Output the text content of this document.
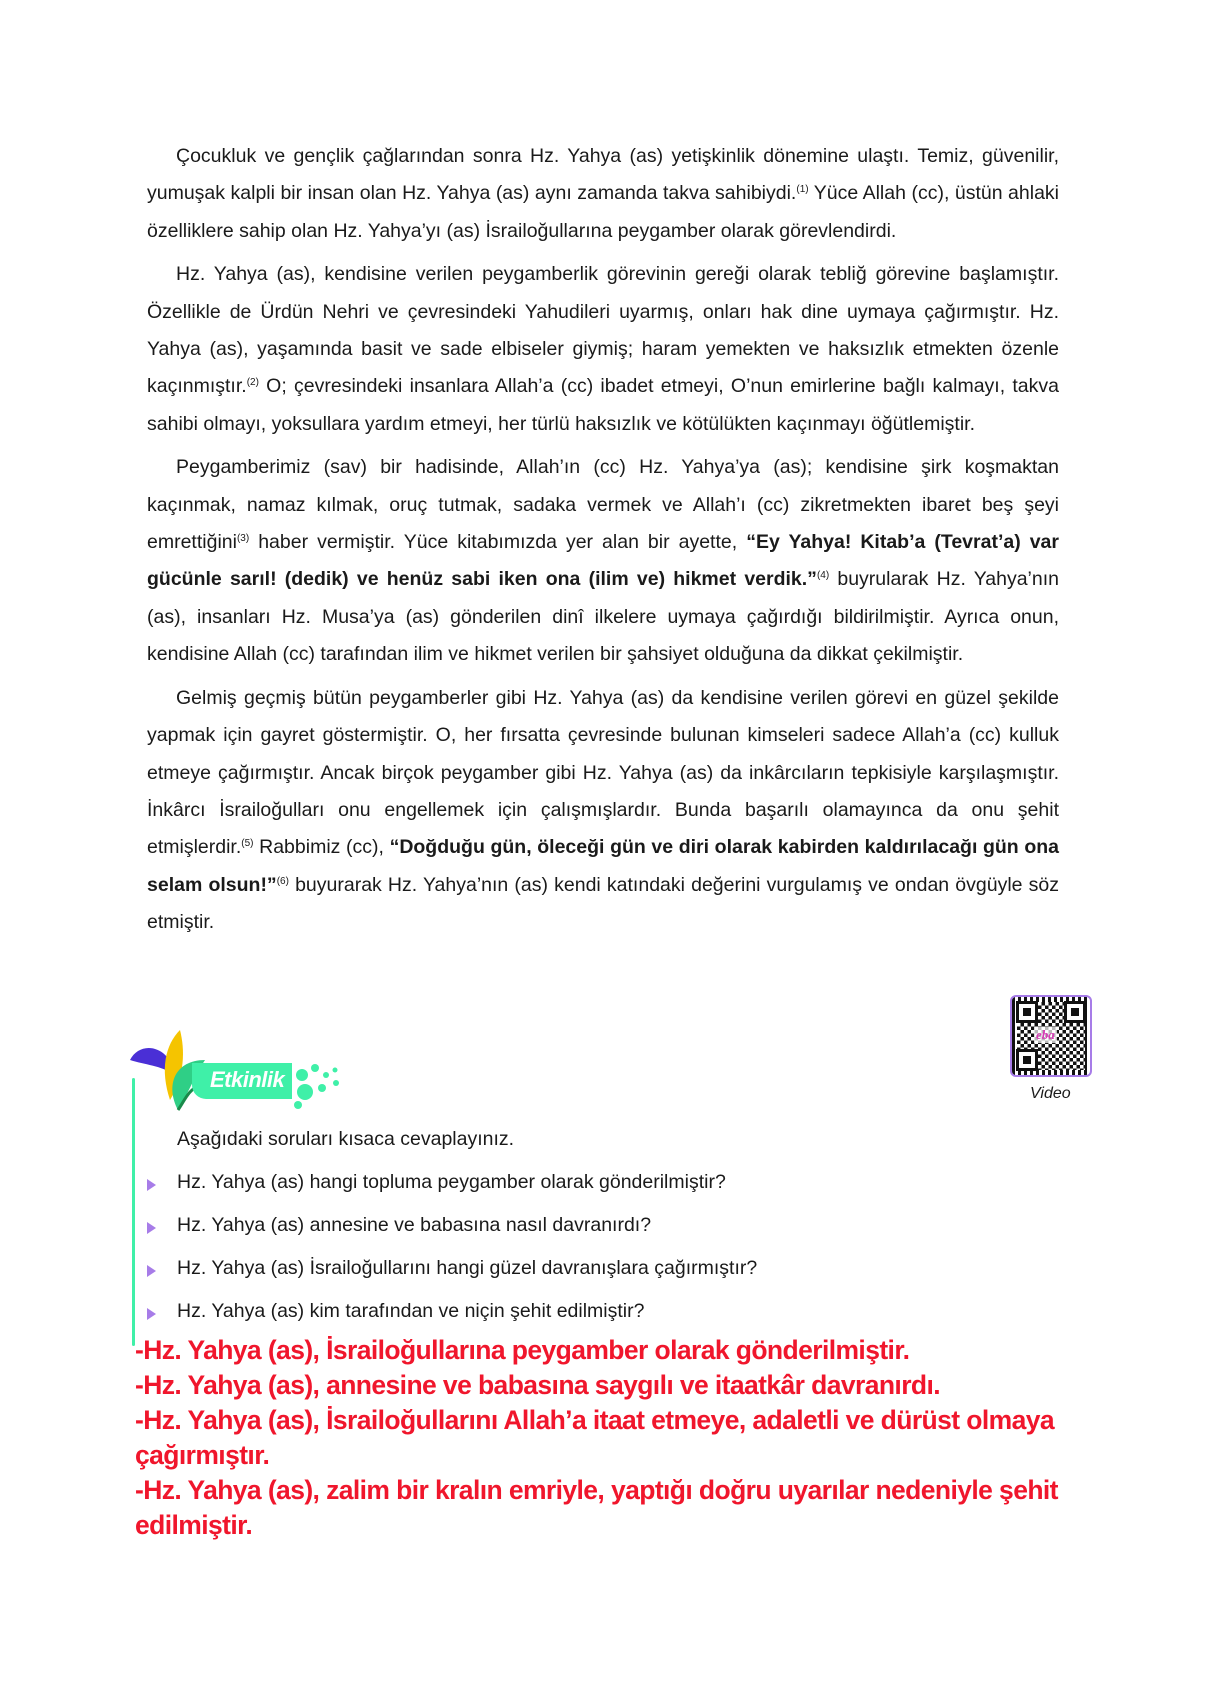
Çocukluk ve gençlik çağlarından sonra Hz. Yahya (as) yetişkinlik dönemine ulaştı. Temiz, güvenilir, yumuşak kalpli bir insan olan Hz. Yahya (as) aynı zamanda takva sahibiydi.$^{(1)}$ Yüce Allah (cc), üstün ahlaki özelliklere sahip olan Hz. Yahya’yı (as) İsrailoğullarına peygamber olarak görevlendirdi.

Hz. Yahya (as), kendisine verilen peygamberlik görevinin gereği olarak tebliğ görevine başlamıştır. Özellikle de Ürdün Nehri ve çevresindeki Yahudileri uyarmış, onları hak dine uymaya çağırmıştır. Hz. Yahya (as), yaşamında basit ve sade elbiseler giymiş; haram yemekten ve haksızlık etmekten özenle kaçınmıştır.$^{(2)}$ O; çevresindeki insanlara Allah’a (cc) ibadet etmeyi, O’nun emirlerine bağlı kalmayı, takva sahibi olmayı, yoksullara yardım etmeyi, her türlü haksızlık ve kötülükten kaçınmayı öğütlemiştir.

Peygamberimiz (sav) bir hadisinde, Allah’ın (cc) Hz. Yahya’ya (as); kendisine şirk koşmaktan kaçınmak, namaz kılmak, oruç tutmak, sadaka vermek ve Allah’ı (cc) zikretmekten ibaret beş şeyi emrettiğini$^{(3)}$ haber vermiştir. Yüce kitabımızda yer alan bir ayette, “Ey Yahya! Kitab’a (Tevrat’a) var gücünle sarıl! (dedik) ve henüz sabi iken ona (ilim ve) hikmet verdik.”$^{(4)}$ buyrularak Hz. Yahya’nın (as), insanları Hz. Musa’ya (as) gönderilen dinî ilkelere uymaya çağırdığı bildirilmiştir. Ayrıca onun, kendisine Allah (cc) tarafından ilim ve hikmet verilen bir şahsiyet olduğuna da dikkat çekilmiştir.

Gelmiş geçmiş bütün peygamberler gibi Hz. Yahya (as) da kendisine verilen görevi en güzel şekilde yapmak için gayret göstermiştir. O, her fırsatta çevresinde bulunan kimseleri sadece Allah’a (cc) kulluk etmeye çağırmıştır. Ancak birçok peygamber gibi Hz. Yahya (as) da inkârcıların tepkisiyle karşılaşmıştır. İnkârcı İsrailoğulları onu engellemek için çalışmışlardır. Bunda başarılı olamayınca da onu şehit etmişlerdir.$^{(5)}$ Rabbimiz (cc), “Doğduğu gün, öleceği gün ve diri olarak kabirden kaldırılacağı gün ona selam olsun!”$^{(6)}$ buyurarak Hz. Yahya’nın (as) kendi katındaki değerini vurgulamış ve ondan övgüyle söz etmiştir.

eba
Video
Etkinlik
Aşağıdaki soruları kısaca cevaplayınız.
Hz. Yahya (as) hangi topluma peygamber olarak gönderilmiştir?
Hz. Yahya (as) annesine ve babasına nasıl davranırdı?
Hz. Yahya (as) İsrailoğullarını hangi güzel davranışlara çağırmıştır?
Hz. Yahya (as) kim tarafından ve niçin şehit edilmiştir?
-Hz. Yahya (as), İsrailoğullarına peygamber olarak gönderilmiştir.
-Hz. Yahya (as), annesine ve babasına saygılı ve itaatkâr davranırdı.
-Hz. Yahya (as), İsrailoğullarını Allah’a itaat etmeye, adaletli ve dürüst olmaya çağırmıştır.
-Hz. Yahya (as), zalim bir kralın emriyle, yaptığı doğru uyarılar nedeniyle şehit edilmiştir.
